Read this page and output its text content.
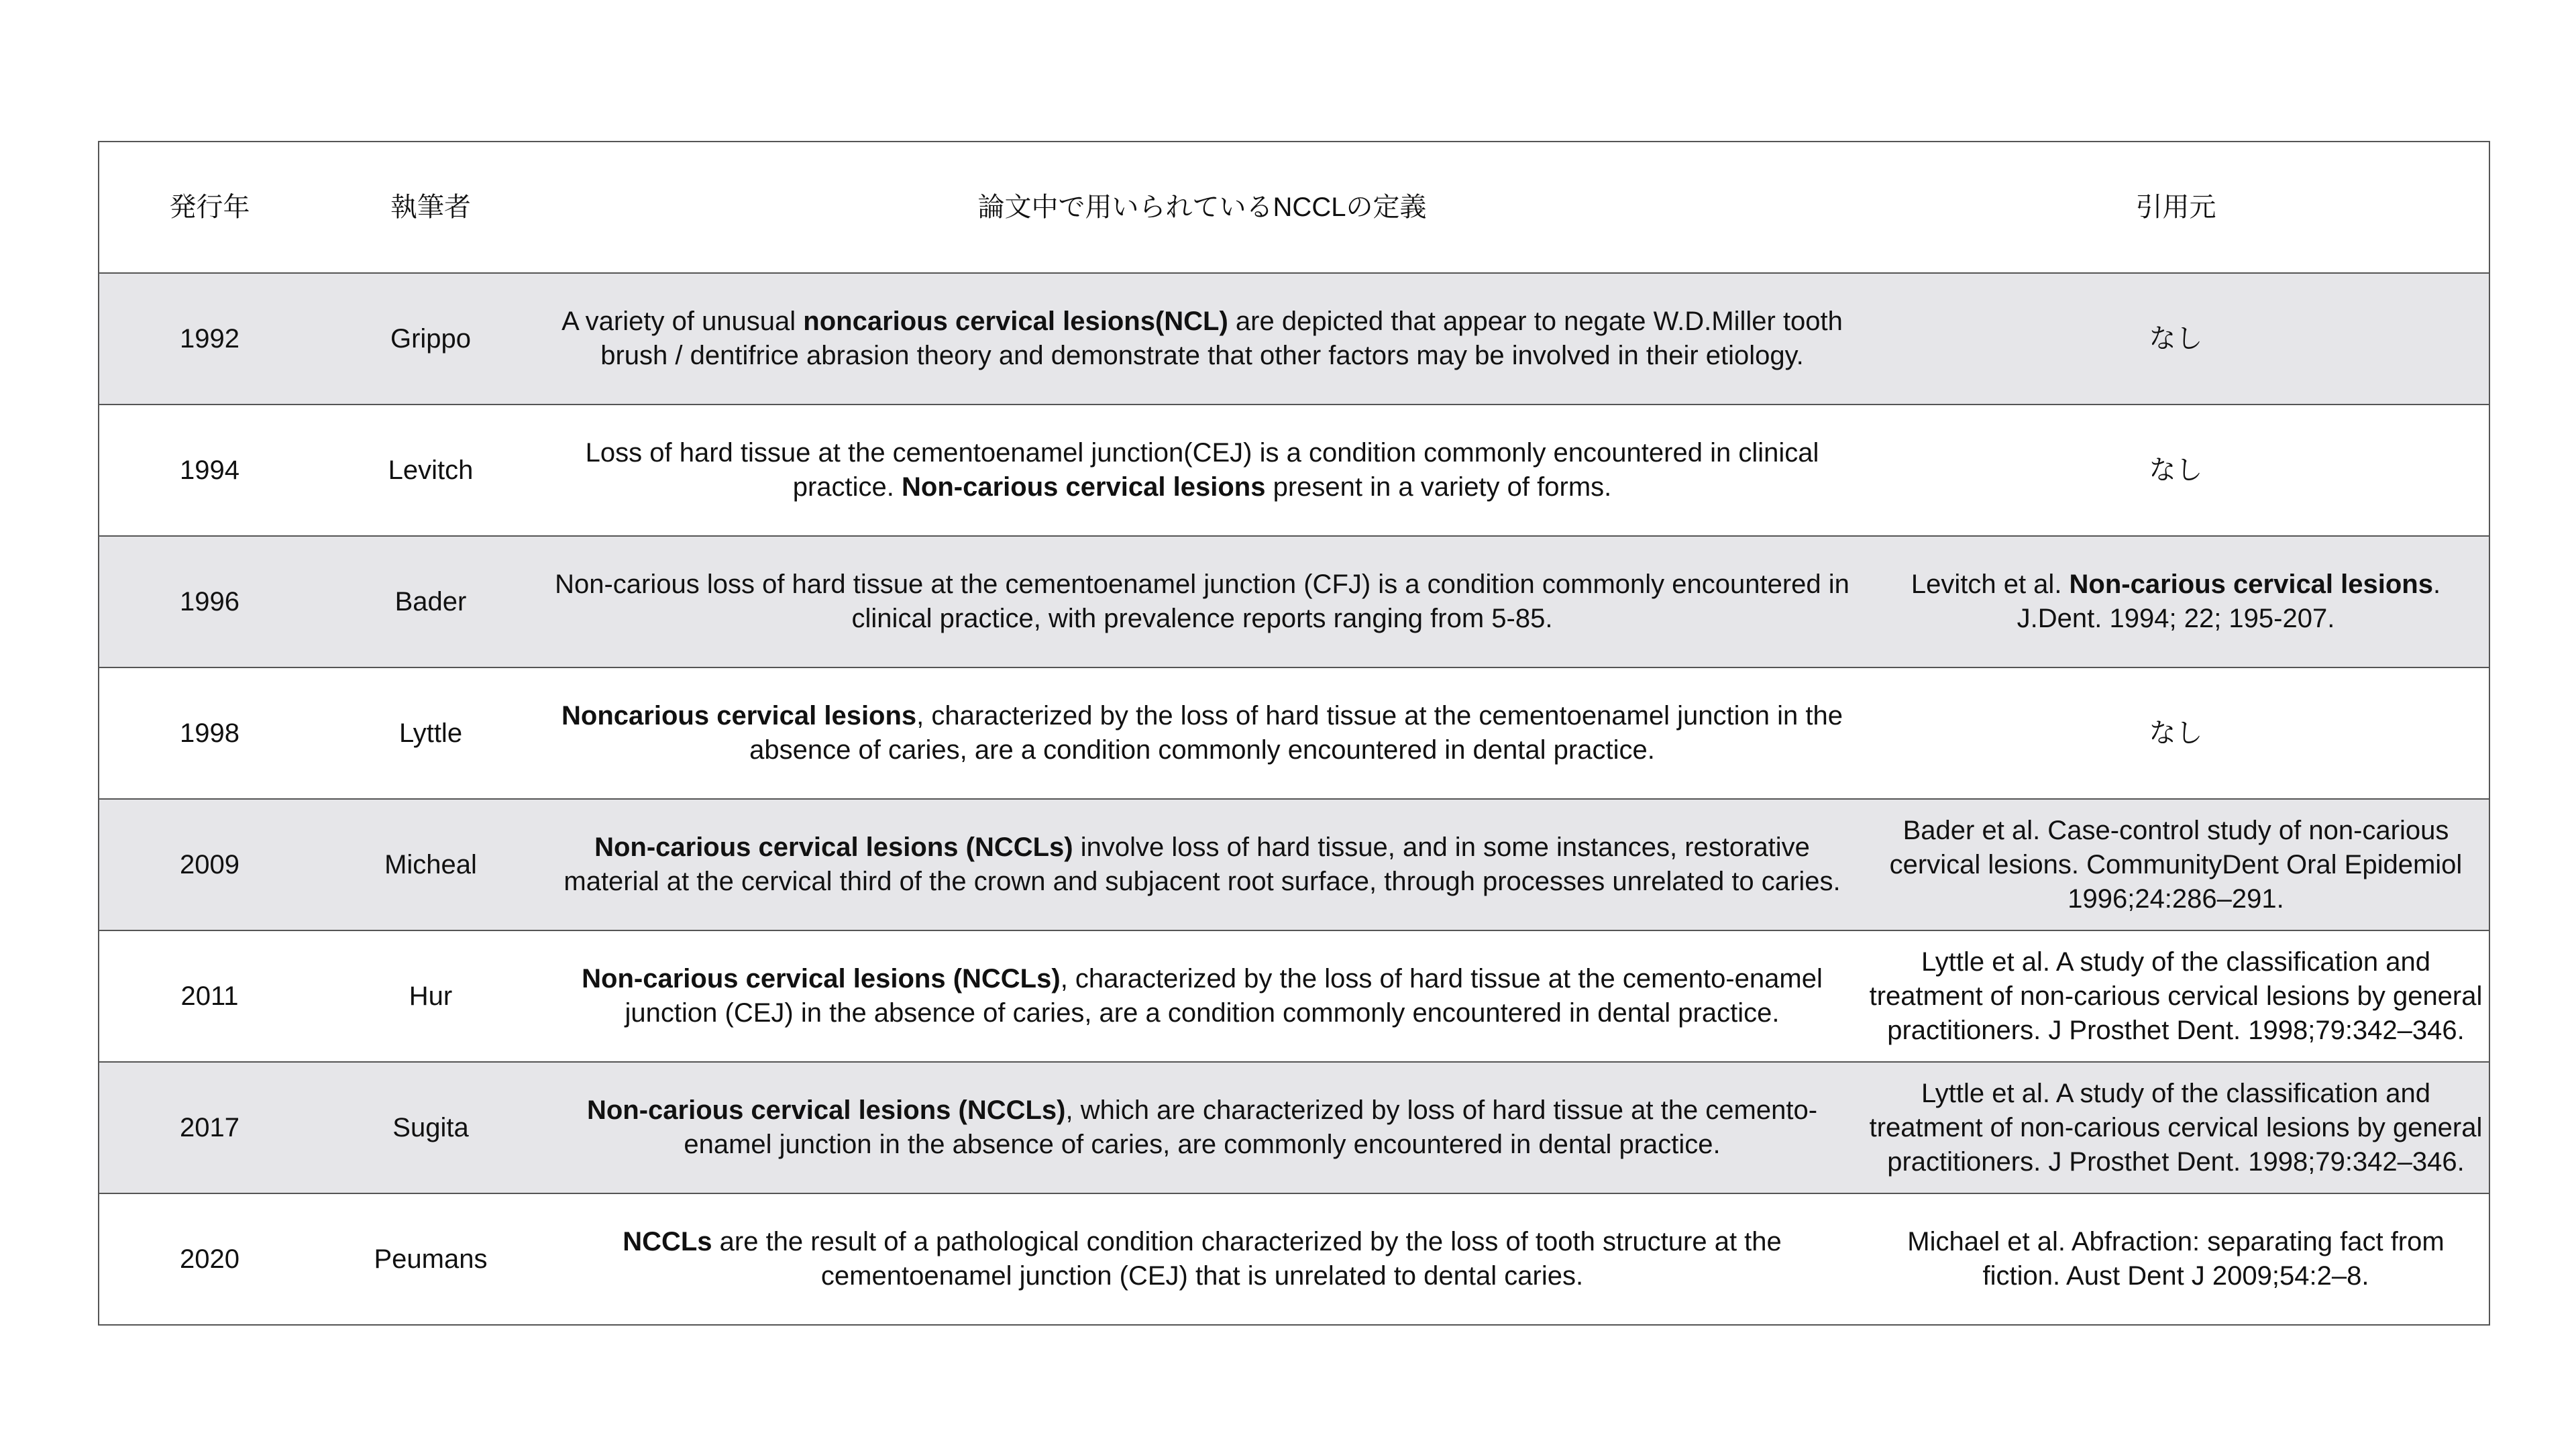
発行年	執筆者	論文中で用いられているNCCLの定義	引用元
1992	Grippo	A variety of unusual noncarious cervical lesions(NCL) are depicted that appear to negate W.D.Miller tooth brush / dentifrice abrasion theory and demonstrate that other factors may be involved in their etiology.	なし

1994	Levitch	Loss of hard tissue at the cementoenamel junction(CEJ) is a condition commonly encountered in clinical practice. Non-carious cervical lesions present in a variety of forms.	なし

1996	Bader	Non-carious loss of hard tissue at the cementoenamel junction (CFJ) is a condition commonly encountered in clinical practice, with prevalence reports ranging from 5-85.	Levitch et al. Non-carious cervical lesions. J.Dent. 1994; 22; 195-207.

1998	Lyttle	Noncarious cervical lesions, characterized by the loss of hard tissue at the cementoenamel junction in the absence of caries, are a condition commonly encountered in dental practice.	なし

2009	Micheal	Non-carious cervical lesions (NCCLs) involve loss of hard tissue, and in some instances, restorative material at the cervical third of the crown and subjacent root surface, through processes unrelated to caries.	Bader et al. Case-control study of non-carious cervical lesions. CommunityDent Oral Epidemiol 1996;24:286–291.

2011	Hur	Non-carious cervical lesions (NCCLs), characterized by the loss of hard tissue at the cemento-enamel junction (CEJ) in the absence of caries, are a condition commonly encountered in dental practice.	Lyttle et al. A study of the classification and treatment of non-carious cervical lesions by general practitioners. J Prosthet Dent. 1998;79:342–346.

2017	Sugita	Non-carious cervical lesions (NCCLs), which are characterized by loss of hard tissue at the cemento-enamel junction in the absence of caries, are commonly encountered in dental practice.	Lyttle et al. A study of the classification and treatment of non-carious cervical lesions by general practitioners. J Prosthet Dent. 1998;79:342–346.

2020	Peumans	NCCLs are the result of a pathological condition characterized by the loss of tooth structure at the cementoenamel junction (CEJ) that is unrelated to dental caries.	Michael et al. Abfraction: separating fact from fiction. Aust Dent J 2009;54:2–8.
